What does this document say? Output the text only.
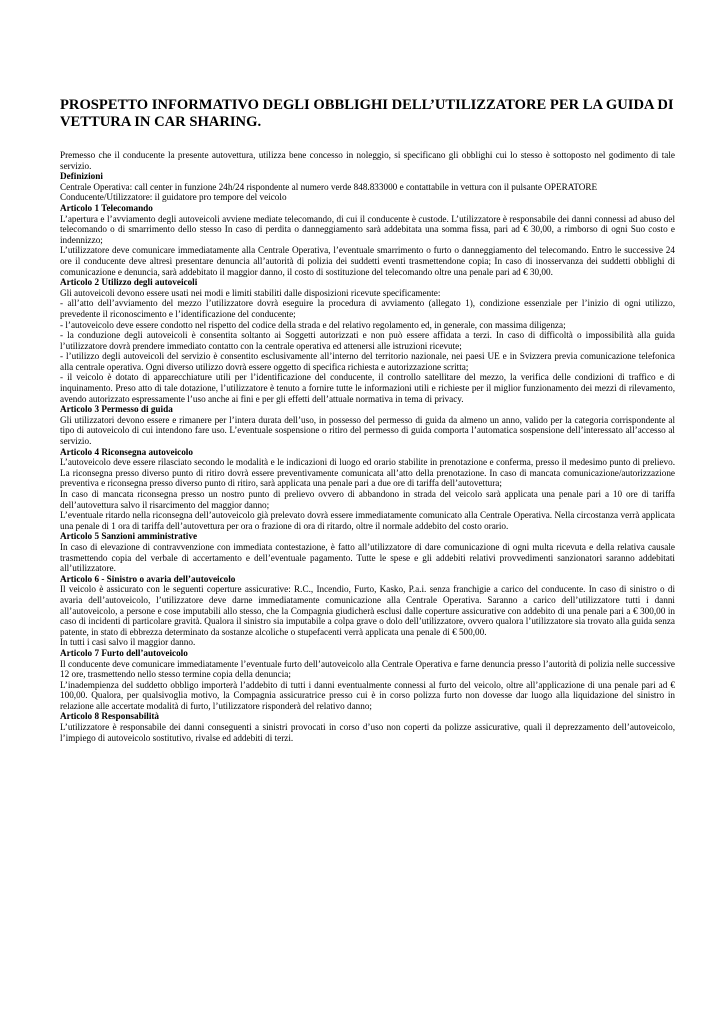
PROSPETTO INFORMATIVO DEGLI OBBLIGHI DELL’UTILIZZATORE PER LA GUIDA DI VETTURA IN CAR SHARING.
Premesso che il conducente la presente autovettura, utilizza bene concesso in noleggio, si specificano gli obblighi cui lo stesso è sottoposto nel godimento di tale servizio.
Definizioni
Centrale Operativa: call center in funzione 24h/24 rispondente al numero verde 848.833000 e contattabile in vettura con il pulsante OPERATORE
Conducente/Utilizzatore: il guidatore pro tempore del veicolo
Articolo 1 Telecomando
L’apertura e l’avviamento degli autoveicoli avviene mediate telecomando, di cui il conducente è custode. L’utilizzatore è responsabile dei danni connessi ad abuso del telecomando o di smarrimento dello stesso In caso di perdita o danneggiamento sarà addebitata una somma fissa, pari ad € 30,00, a rimborso di ogni Suo costo e indennizzo;
L’utilizzatore deve comunicare immediatamente alla Centrale Operativa, l’eventuale smarrimento o furto o danneggiamento del telecomando. Entro le successive 24 ore il conducente deve altresì presentare denuncia all’autorità di polizia dei suddetti eventi trasmettendone copia; In caso di inosservanza dei suddetti obblighi di comunicazione e denuncia, sarà addebitato il maggior danno, il costo di sostituzione del telecomando oltre una penale pari ad € 30,00.
Articolo 2 Utilizzo degli autoveicoli
Gli autoveicoli devono essere usati nei modi e limiti stabiliti dalle disposizioni ricevute specificamente:
- all’atto dell’avviamento del mezzo l’utilizzatore dovrà eseguire la procedura di avviamento (allegato 1), condizione essenziale per l’inizio di ogni utilizzo, prevedente il riconoscimento e l’identificazione del conducente;
- l’autoveicolo deve essere condotto nel rispetto del codice della strada e del relativo regolamento ed, in generale, con massima diligenza;
- la conduzione degli autoveicoli è consentita soltanto ai Soggetti autorizzati e non può essere affidata a terzi. In caso di difficoltà o impossibilità alla guida l’utilizzatore dovrà prendere immediato contatto con la centrale operativa ed attenersi alle istruzioni ricevute;
- l’utilizzo degli autoveicoli del servizio è consentito esclusivamente all’interno del territorio nazionale, nei paesi UE e in Svizzera previa comunicazione telefonica alla centrale operativa. Ogni diverso utilizzo dovrà essere oggetto di specifica richiesta e autorizzazione scritta;
- il veicolo è dotato di apparecchiature utili per l’identificazione del conducente, il controllo satellitare del mezzo, la verifica delle condizioni di traffico e di inquinamento. Preso atto di tale dotazione, l’utilizzatore è tenuto a fornire tutte le informazioni utili e richieste per il miglior funzionamento dei mezzi di rilevamento, avendo autorizzato espressamente l’uso anche ai fini e per gli effetti dell’attuale normativa in tema di privacy.
Articolo 3 Permesso di guida
Gli utilizzatori devono essere e rimanere per l’intera durata dell’uso, in possesso del permesso di guida da almeno un anno, valido per la categoria corrispondente al tipo di autoveicolo di cui intendono fare uso. L’eventuale sospensione o ritiro del permesso di guida comporta l’automatica sospensione dell’interessato all’accesso al servizio.
Articolo 4 Riconsegna autoveicolo
L’autoveicolo deve essere rilasciato secondo le modalità e le indicazioni di luogo ed orario stabilite in prenotazione e conferma, presso il medesimo punto di prelievo. La riconsegna presso diverso punto di ritiro dovrà essere preventivamente comunicata all’atto della prenotazione. In caso di mancata comunicazione/autorizzazione preventiva e riconsegna presso diverso punto di ritiro, sarà applicata una penale pari a due ore di tariffa dell’autovettura;
In caso di mancata riconsegna presso un nostro punto di prelievo ovvero di abbandono in strada del veicolo sarà applicata una penale pari a 10 ore di tariffa dell’autovettura salvo il risarcimento del maggior danno;
L’eventuale ritardo nella riconsegna dell’autoveicolo già prelevato dovrà essere immediatamente comunicato alla Centrale Operativa. Nella circostanza verrà applicata una penale di 1 ora di tariffa dell’autovettura per ora o frazione di ora di ritardo, oltre il normale addebito del costo orario.
Articolo 5 Sanzioni amministrative
In caso di elevazione di contravvenzione con immediata contestazione, è fatto all’utilizzatore di dare comunicazione di ogni multa ricevuta e della relativa causale trasmettendo copia del verbale di accertamento e dell’eventuale pagamento. Tutte le spese e gli addebiti relativi provvedimenti sanzionatori saranno addebitati all’utilizzatore.
Articolo 6 - Sinistro o avaria dell’autoveicolo
Il veicolo è assicurato con le seguenti coperture assicurative: R.C., Incendio, Furto, Kasko, P.a.i. senza franchigie a carico del conducente. In caso di sinistro o di avaria dell’autoveicolo, l’utilizzatore deve darne immediatamente comunicazione alla Centrale Operativa. Saranno a carico dell’utilizzatore tutti i danni all’autoveicolo, a persone e cose imputabili allo stesso, che la Compagnia giudicherà esclusi dalle coperture assicurative con addebito di una penale pari a € 300,00 in caso di incidenti di particolare gravità. Qualora il sinistro sia imputabile a colpa grave o dolo dell’utilizzatore, ovvero qualora l’utilizzatore sia trovato alla guida senza patente, in stato di ebbrezza determinato da sostanze alcoliche o stupefacenti verrà applicata una penale di € 500,00.
In tutti i casi salvo il maggior danno.
Articolo 7 Furto dell’autoveicolo
Il conducente deve comunicare immediatamente l’eventuale furto dell’autoveicolo alla Centrale Operativa e farne denuncia presso l’autorità di polizia nelle successive 12 ore, trasmettendo nello stesso termine copia della denuncia;
L’inadempienza del suddetto obbligo importerà l’addebito di tutti i danni eventualmente connessi al furto del veicolo, oltre all’applicazione di una penale pari ad € 100,00. Qualora, per qualsivoglia motivo, la Compagnia assicuratrice presso cui è in corso polizza furto non dovesse dar luogo alla liquidazione del sinistro in relazione alle accertate modalità di furto, l’utilizzatore risponderà del relativo danno;
Articolo 8 Responsabilità
L’utilizzatore è responsabile dei danni conseguenti a sinistri provocati in corso d’uso non coperti da polizze assicurative, quali il deprezzamento dell’autoveicolo, l’impiego di autoveicolo sostitutivo, rivalse ed addebiti di terzi.
